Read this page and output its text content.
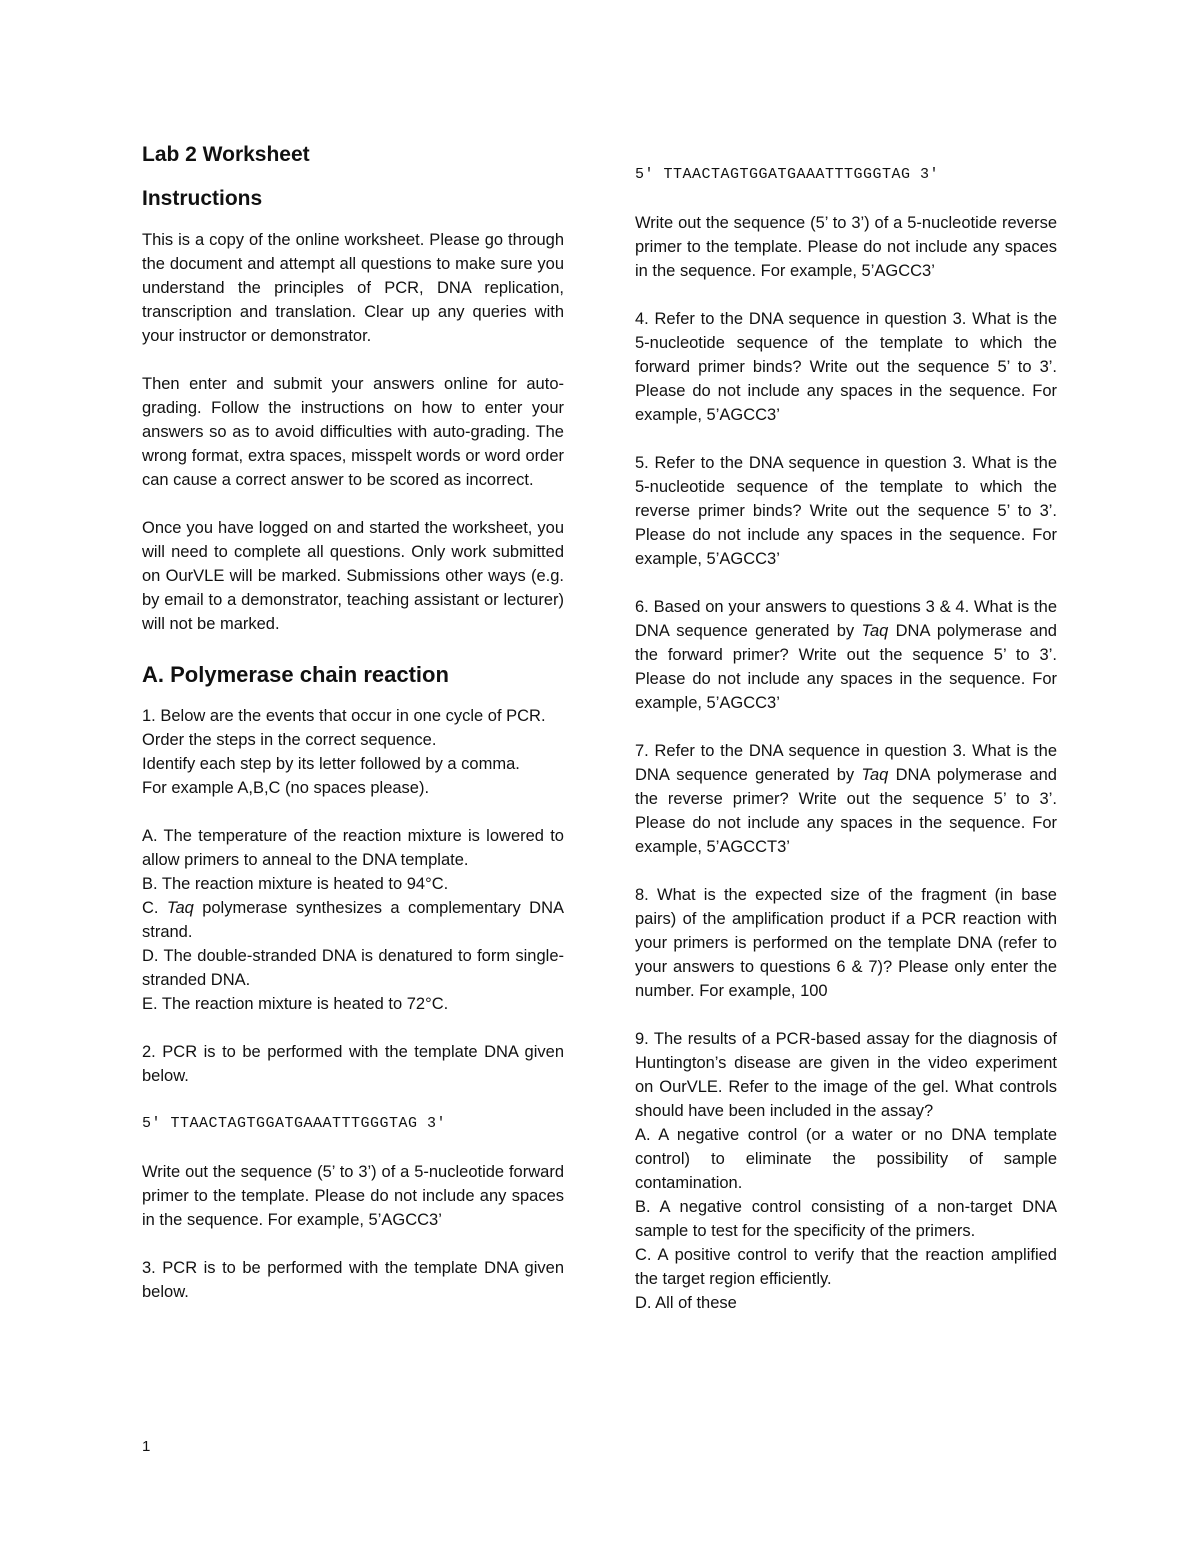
Lab 2 Worksheet
Instructions

This is a copy of the online worksheet. Please go through the document and attempt all questions to make sure you understand the principles of PCR, DNA replication, transcription and translation. Clear up any queries with your instructor or demonstrator.

Then enter and submit your answers online for auto-grading. Follow the instructions on how to enter your answers so as to avoid difficulties with auto-grading. The wrong format, extra spaces, misspelt words or word order can cause a correct answer to be scored as incorrect.

Once you have logged on and started the worksheet, you will need to complete all questions. Only work submitted on OurVLE will be marked. Submissions other ways (e.g. by email to a demonstrator, teaching assistant or lecturer) will not be marked.

A. Polymerase chain reaction

1. Below are the events that occur in one cycle of PCR. Order the steps in the correct sequence.

Identify each step by its letter followed by a comma.

For example A,B,C (no spaces please).

A. The temperature of the reaction mixture is lowered to allow primers to anneal to the DNA template.

B. The reaction mixture is heated to 94°C.

C. Taq polymerase synthesizes a complementary DNA strand.

D. The double-stranded DNA is denatured to form single-stranded DNA.

E. The reaction mixture is heated to 72°C.

2. PCR is to be performed with the template DNA given below.

5′ TTAACTAGTGGATGAAATTTGGGTAG 3′

Write out the sequence (5’ to 3’) of a 5-nucleotide forward primer to the template. Please do not include any spaces in the sequence. For example, 5’AGCC3’

3. PCR is to be performed with the template DNA given below.

5′ TTAACTAGTGGATGAAATTTGGGTAG 3′

Write out the sequence (5’ to 3’) of a 5-nucleotide reverse primer to the template. Please do not include any spaces in the sequence. For example, 5’AGCC3’

4. Refer to the DNA sequence in question 3. What is the 5-nucleotide sequence of the template to which the forward primer binds? Write out the sequence 5’ to 3’. Please do not include any spaces in the sequence. For example, 5’AGCC3’

5. Refer to the DNA sequence in question 3. What is the 5-nucleotide sequence of the template to which the reverse primer binds? Write out the sequence 5’ to 3’. Please do not include any spaces in the sequence. For example, 5’AGCC3’

6. Based on your answers to questions 3 & 4. What is the DNA sequence generated by Taq DNA polymerase and the forward primer? Write out the sequence 5’ to 3’. Please do not include any spaces in the sequence. For example, 5’AGCC3’

7. Refer to the DNA sequence in question 3. What is the DNA sequence generated by Taq DNA polymerase and the reverse primer? Write out the sequence 5’ to 3’. Please do not include any spaces in the sequence. For example, 5’AGCCT3’

8. What is the expected size of the fragment (in base pairs) of the amplification product if a PCR reaction with your primers is performed on the template DNA (refer to your answers to questions 6 & 7)? Please only enter the number. For example, 100

9. The results of a PCR-based assay for the diagnosis of Huntington’s disease are given in the video experiment on OurVLE. Refer to the image of the gel. What controls should have been included in the assay?

A. A negative control (or a water or no DNA template control) to eliminate the possibility of sample contamination.

B. A negative control consisting of a non-target DNA sample to test for the specificity of the primers.

C. A positive control to verify that the reaction amplified the target region efficiently.

D. All of these

1
